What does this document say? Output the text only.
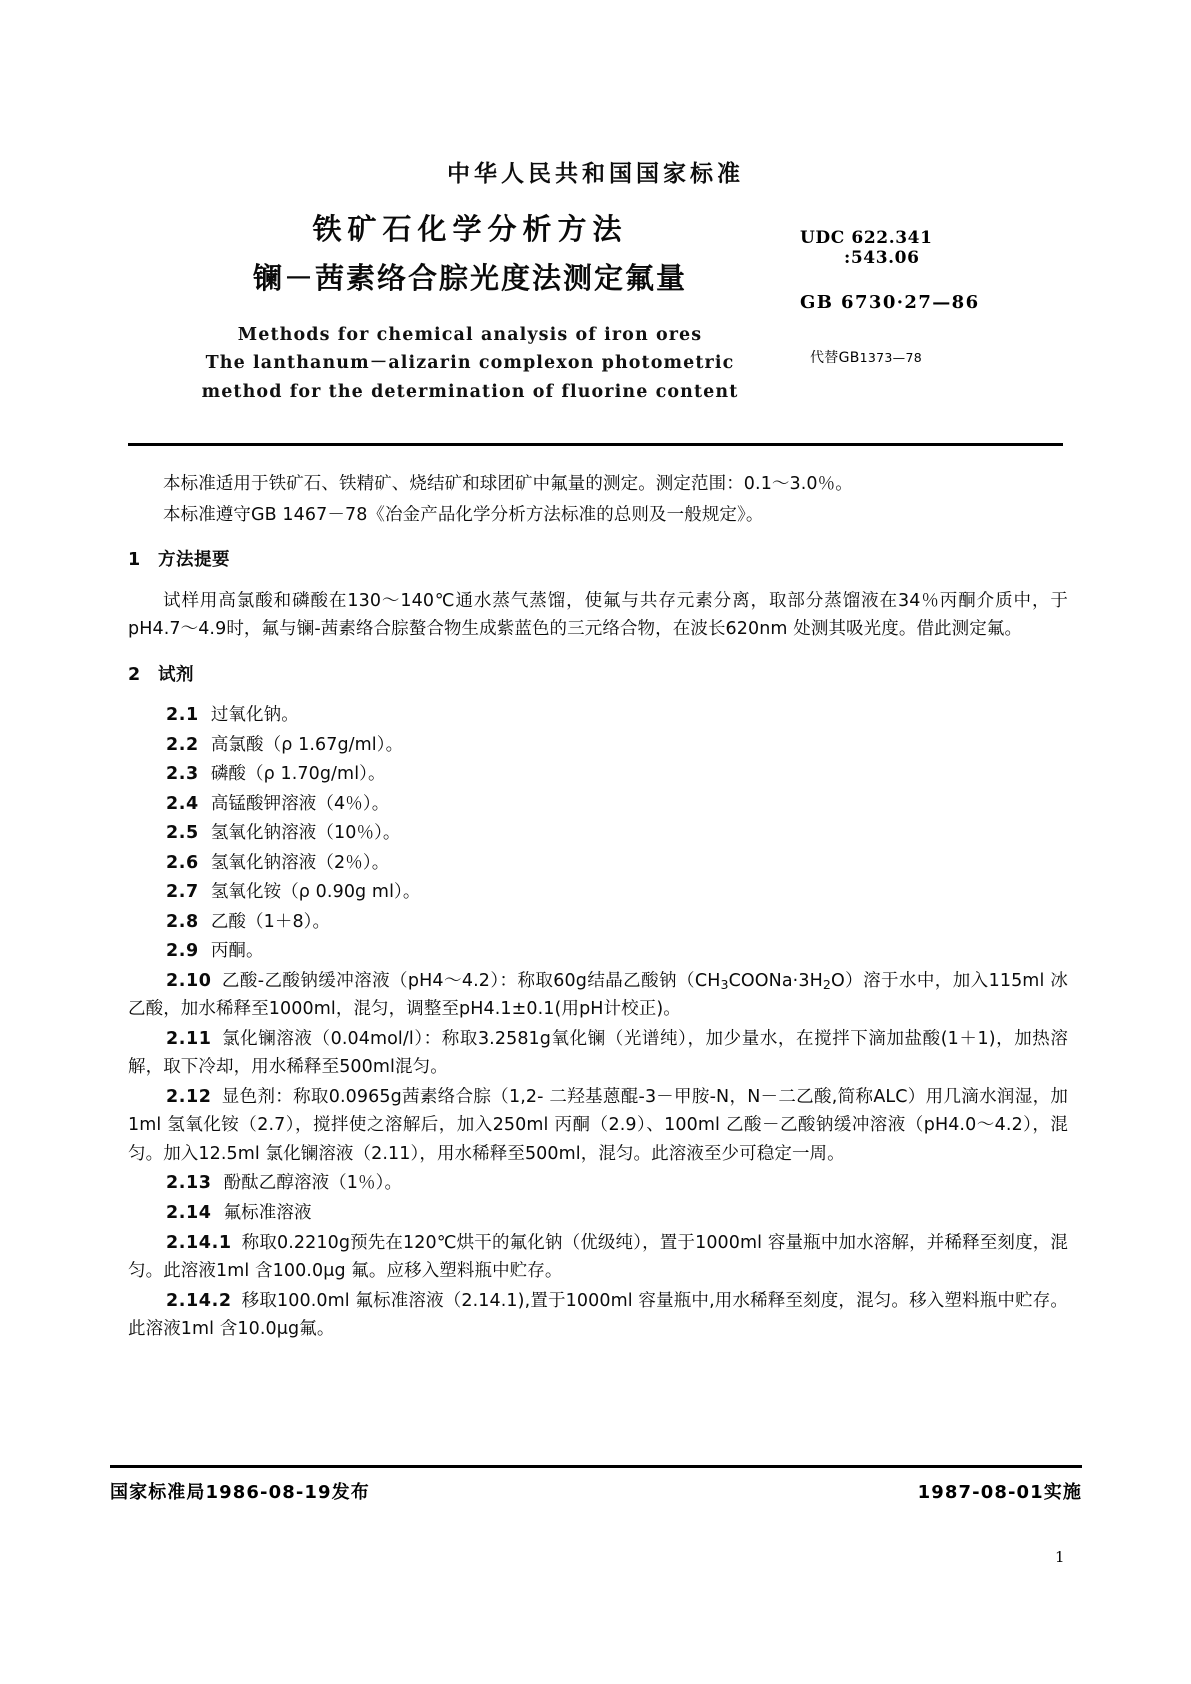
中华人民共和国国家标准
铁矿石化学分析方法
镧－茜素络合腙光度法测定氟量
Methods for chemical analysis of iron ores
The lanthanum－alizarin complexon photometric
method for the determination of fluorine content
UDC 622.341
:543.06
GB 6730·27—86
代替GB1373—78

本标准适用于铁矿石、铁精矿、烧结矿和球团矿中氟量的测定。测定范围：0.1～3.0％。

本标准遵守GB 1467－78《冶金产品化学分析方法标准的总则及一般规定》。

1 方法提要

试样用高氯酸和磷酸在130～140℃通水蒸气蒸馏，使氟与共存元素分离，取部分蒸馏液在34％丙酮介质中，于pH4.7～4.9时，氟与镧-茜素络合腙螯合物生成紫蓝色的三元络合物，在波长620nm 处测其吸光度。借此测定氟。

2 试剂

2.1 过氧化钠。

2.2 高氯酸（ρ 1.67g/ml）。

2.3 磷酸（ρ 1.70g/ml）。

2.4 高锰酸钾溶液（4％）。

2.5 氢氧化钠溶液（10％）。

2.6 氢氧化钠溶液（2％）。

2.7 氢氧化铵（ρ 0.90g ml）。

2.8 乙酸（1＋8）。

2.9 丙酮。

2.10 乙酸-乙酸钠缓冲溶液（pH4～4.2）：称取60g结晶乙酸钠$(CH_3COONa\cdot 3H_2O)$溶于水中，加入115ml 冰乙酸，加水稀释至1000ml，混匀，调整至pH4.1±0.1(用pH计校正)。

2.11 氯化镧溶液（0.04mol/l）：称取3.2581g氧化镧（光谱纯），加少量水，在搅拌下滴加盐酸(1＋1)，加热溶解，取下冷却，用水稀释至500ml混匀。

2.12 显色剂：称取0.0965g茜素络合腙（1,2- 二羟基蒽醌-3－甲胺-N，N－二乙酸,简称ALC）用几滴水润湿，加1ml 氢氧化铵（2.7），搅拌使之溶解后，加入250ml 丙酮（2.9）、100ml 乙酸－乙酸钠缓冲溶液（pH4.0～4.2），混匀。加入12.5ml 氯化镧溶液（2.11），用水稀释至500ml，混匀。此溶液至少可稳定一周。

2.13 酚酞乙醇溶液（1％）。

2.14 氟标准溶液

2.14.1 称取0.2210g预先在120℃烘干的氟化钠（优级纯），置于1000ml 容量瓶中加水溶解，并稀释至刻度，混匀。此溶液1ml 含100.0μg 氟。应移入塑料瓶中贮存。

2.14.2 移取100.0ml 氟标准溶液（2.14.1),置于1000ml 容量瓶中,用水稀释至刻度，混匀。移入塑料瓶中贮存。此溶液1ml 含10.0μg氟。

国家标准局1986-08-19发布	1987-08-01实施
1
